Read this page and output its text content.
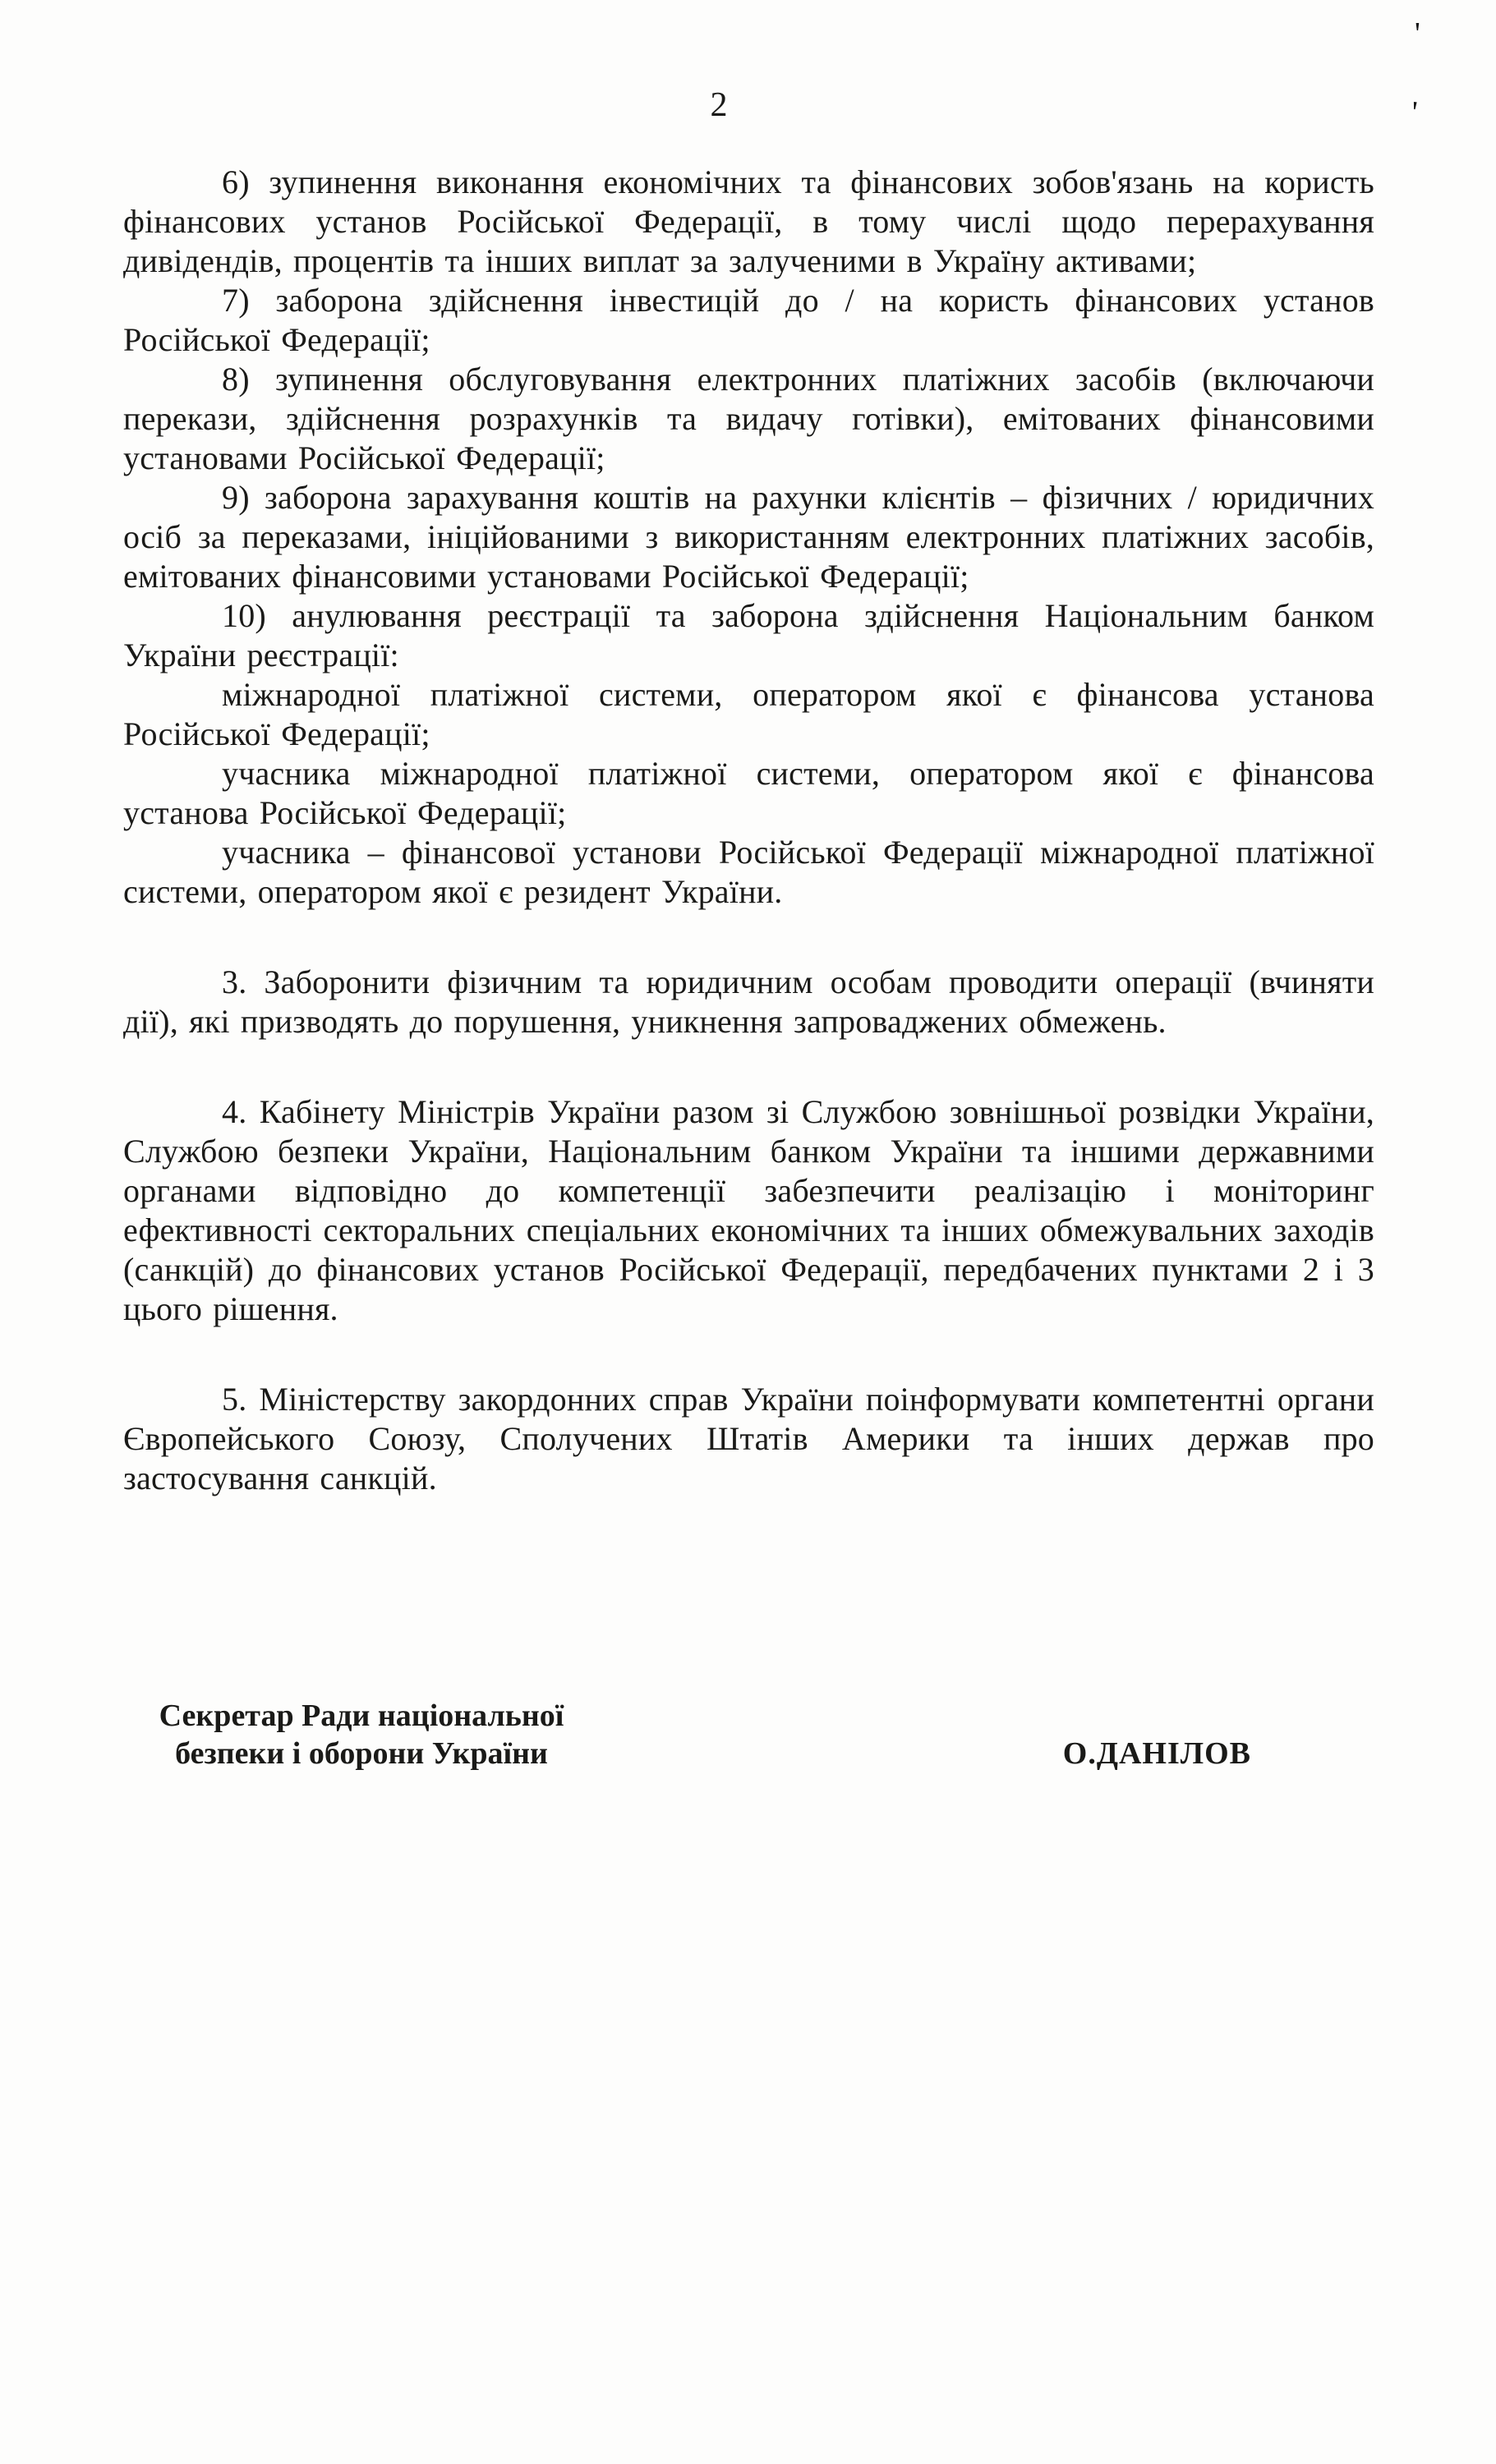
2
'
'

6) зупинення виконання економічних та фінансових зобов'язань на користь фінансових установ Російської Федерації, в тому числі щодо перерахування дивідендів, процентів та інших виплат за залученими в Україну активами;

7) заборона здійснення інвестицій до / на користь фінансових установ Російської Федерації;

8) зупинення обслуговування електронних платіжних засобів (включаючи перекази, здійснення розрахунків та видачу готівки), емітованих фінансовими установами Російської Федерації;

9) заборона зарахування коштів на рахунки клієнтів – фізичних / юридичних осіб за переказами, ініційованими з використанням електронних платіжних засобів, емітованих фінансовими установами Російської Федерації;

10) анулювання реєстрації та заборона здійснення Національним банком України реєстрації:

міжнародної платіжної системи, оператором якої є фінансова установа Російської Федерації;

учасника міжнародної платіжної системи, оператором якої є фінансова установа Російської Федерації;

учасника – фінансової установи Російської Федерації міжнародної платіжної системи, оператором якої є резидент України.

3. Заборонити фізичним та юридичним особам проводити операції (вчиняти дії), які призводять до порушення, уникнення запроваджених обмежень.

4. Кабінету Міністрів України разом зі Службою зовнішньої розвідки України, Службою безпеки України, Національним банком України та іншими державними органами відповідно до компетенції забезпечити реалізацію і моніторинг ефективності секторальних спеціальних економічних та інших обмежувальних заходів (санкцій) до фінансових установ Російської Федерації, передбачених пунктами 2 і 3 цього рішення.

5. Міністерству закордонних справ України поінформувати компетентні органи Європейського Союзу, Сполучених Штатів Америки та інших держав про застосування санкцій.

Секретар Ради національної
безпеки і оборони України	О.ДАНІЛОВ
